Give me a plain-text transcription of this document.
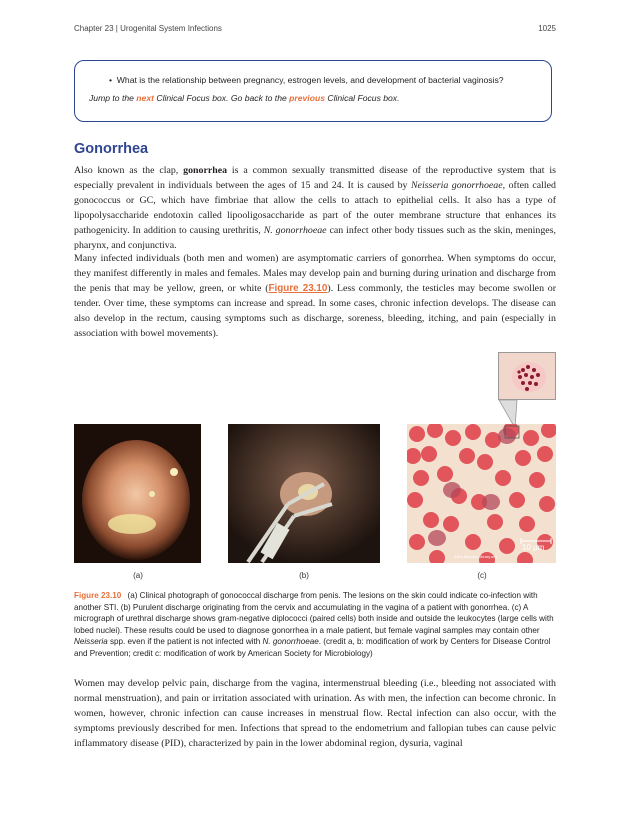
Chapter 23 | Urogenital System Infections	1025
•  What is the relationship between pregnancy, estrogen levels, and development of bacterial vaginosis?
Jump to the next Clinical Focus box. Go back to the previous Clinical Focus box.
Gonorrhea

Also known as the clap, gonorrhea is a common sexually transmitted disease of the reproductive system that is especially prevalent in individuals between the ages of 15 and 24. It is caused by Neisseria gonorrhoeae, often called gonococcus or GC, which have fimbriae that allow the cells to attach to epithelial cells. It also has a type of lipopolysaccharide endotoxin called lipooligosaccharide as part of the outer membrane structure that enhances its pathogenicity. In addition to causing urethritis, N. gonorrhoeae can infect other body tissues such as the skin, meninges, pharynx, and conjunctiva.

Many infected individuals (both men and women) are asymptomatic carriers of gonorrhea. When symptoms do occur, they manifest differently in males and females. Males may develop pain and burning during urination and discharge from the penis that may be yellow, green, or white (Figure 23.10). Less commonly, the testicles may become swollen or tender. Over time, these symptoms can increase and spread. In some cases, chronic infection develops. The disease can also develop in the rectum, causing symptoms such as discharge, soreness, bleeding, itching, and pain (especially in association with bowel movements).

10 µm
ASM MicrobeLibrary.org
(a)	(b)	(c)

Figure 23.10 (a) Clinical photograph of gonococcal discharge from penis. The lesions on the skin could indicate co-infection with another STI. (b) Purulent discharge originating from the cervix and accumulating in the vagina of a patient with gonorrhea. (c) A micrograph of urethral discharge shows gram-negative diplococci (paired cells) both inside and outside the leukocytes (large cells with lobed nuclei). These results could be used to diagnose gonorrhea in a male patient, but female vaginal samples may contain other Neisseria spp. even if the patient is not infected with N. gonorrhoeae. (credit a, b: modification of work by Centers for Disease Control and Prevention; credit c: modification of work by American Society for Microbiology)

Women may develop pelvic pain, discharge from the vagina, intermenstrual bleeding (i.e., bleeding not associated with normal menstruation), and pain or irritation associated with urination. As with men, the infection can become chronic. In women, however, chronic infection can cause increases in menstrual flow. Rectal infection can also occur, with the symptoms previously described for men. Infections that spread to the endometrium and fallopian tubes can cause pelvic inflammatory disease (PID), characterized by pain in the lower abdominal region, dysuria, vaginal
